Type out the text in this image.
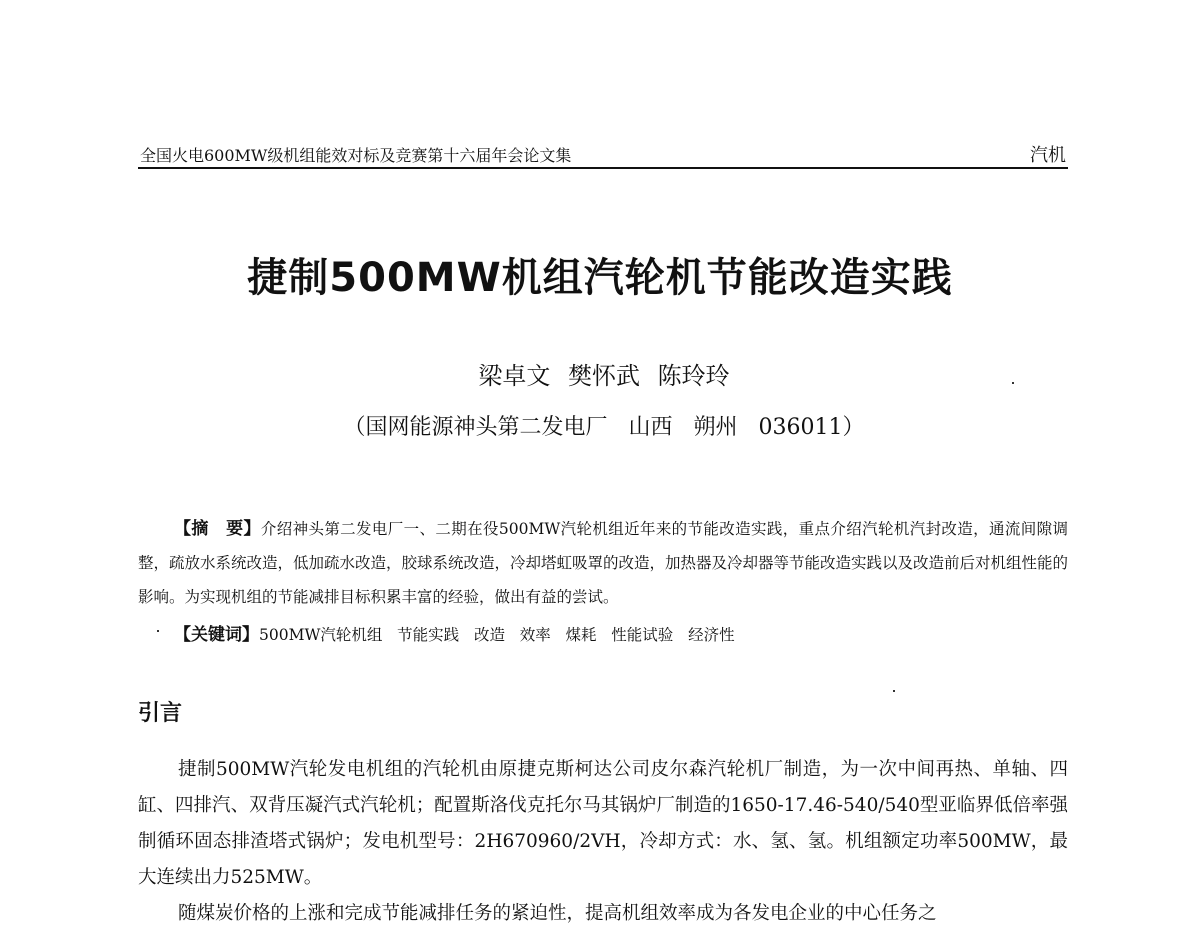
全国火电600MW级机组能效对标及竞赛第十六届年会论文集	汽机
捷制500MW机组汽轮机节能改造实践
梁卓文 樊怀武 陈玲玲
（国网能源神头第二发电厂   山西   朔州   036011）
【摘　要】介绍神头第二发电厂一、二期在役500MW汽轮机组近年来的节能改造实践，重点介绍汽轮机汽封改造，通流间隙调整，疏放水系统改造，低加疏水改造，胶球系统改造，冷却塔虹吸罩的改造，加热器及冷却器等节能改造实践以及改造前后对机组性能的影响。为实现机组的节能减排目标积累丰富的经验，做出有益的尝试。
【关键词】500MW汽轮机组   节能实践   改造   效率   煤耗   性能试验   经济性
引言

捷制500MW汽轮发电机组的汽轮机由原捷克斯柯达公司皮尔森汽轮机厂制造，为一次中间再热、单轴、四缸、四排汽、双背压凝汽式汽轮机；配置斯洛伐克托尔马其锅炉厂制造的1650-17.46-540/540型亚临界低倍率强制循环固态排渣塔式锅炉；发电机型号：2H670960/2VH，冷却方式：水、氢、氢。机组额定功率500MW，最大连续出力525MW。

随煤炭价格的上涨和完成节能减排任务的紧迫性，提高机组效率成为各发电企业的中心任务之
